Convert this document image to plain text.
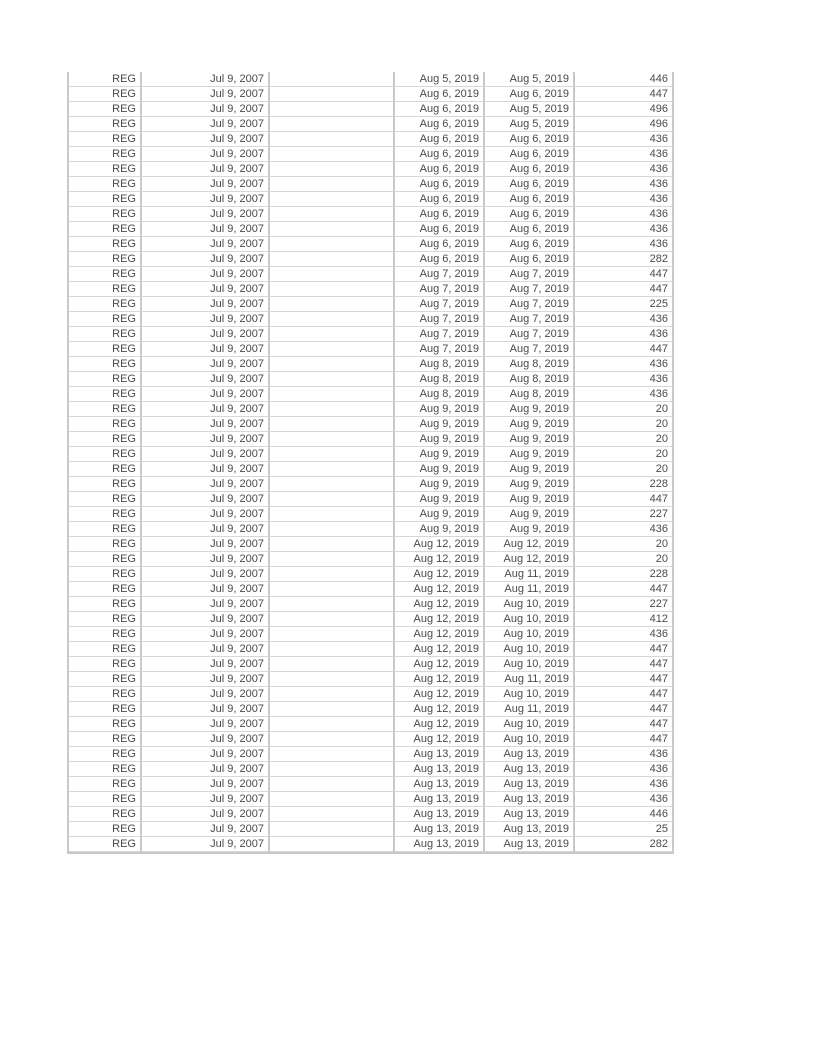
REG	Jul 9, 2007		Aug 5, 2019	Aug 5, 2019	446
REG	Jul 9, 2007		Aug 6, 2019	Aug 6, 2019	447
REG	Jul 9, 2007		Aug 6, 2019	Aug 5, 2019	496
REG	Jul 9, 2007		Aug 6, 2019	Aug 5, 2019	496
REG	Jul 9, 2007		Aug 6, 2019	Aug 6, 2019	436
REG	Jul 9, 2007		Aug 6, 2019	Aug 6, 2019	436
REG	Jul 9, 2007		Aug 6, 2019	Aug 6, 2019	436
REG	Jul 9, 2007		Aug 6, 2019	Aug 6, 2019	436
REG	Jul 9, 2007		Aug 6, 2019	Aug 6, 2019	436
REG	Jul 9, 2007		Aug 6, 2019	Aug 6, 2019	436
REG	Jul 9, 2007		Aug 6, 2019	Aug 6, 2019	436
REG	Jul 9, 2007		Aug 6, 2019	Aug 6, 2019	436
REG	Jul 9, 2007		Aug 6, 2019	Aug 6, 2019	282
REG	Jul 9, 2007		Aug 7, 2019	Aug 7, 2019	447
REG	Jul 9, 2007		Aug 7, 2019	Aug 7, 2019	447
REG	Jul 9, 2007		Aug 7, 2019	Aug 7, 2019	225
REG	Jul 9, 2007		Aug 7, 2019	Aug 7, 2019	436
REG	Jul 9, 2007		Aug 7, 2019	Aug 7, 2019	436
REG	Jul 9, 2007		Aug 7, 2019	Aug 7, 2019	447
REG	Jul 9, 2007		Aug 8, 2019	Aug 8, 2019	436
REG	Jul 9, 2007		Aug 8, 2019	Aug 8, 2019	436
REG	Jul 9, 2007		Aug 8, 2019	Aug 8, 2019	436
REG	Jul 9, 2007		Aug 9, 2019	Aug 9, 2019	20
REG	Jul 9, 2007		Aug 9, 2019	Aug 9, 2019	20
REG	Jul 9, 2007		Aug 9, 2019	Aug 9, 2019	20
REG	Jul 9, 2007		Aug 9, 2019	Aug 9, 2019	20
REG	Jul 9, 2007		Aug 9, 2019	Aug 9, 2019	20
REG	Jul 9, 2007		Aug 9, 2019	Aug 9, 2019	228
REG	Jul 9, 2007		Aug 9, 2019	Aug 9, 2019	447
REG	Jul 9, 2007		Aug 9, 2019	Aug 9, 2019	227
REG	Jul 9, 2007		Aug 9, 2019	Aug 9, 2019	436
REG	Jul 9, 2007		Aug 12, 2019	Aug 12, 2019	20
REG	Jul 9, 2007		Aug 12, 2019	Aug 12, 2019	20
REG	Jul 9, 2007		Aug 12, 2019	Aug 11, 2019	228
REG	Jul 9, 2007		Aug 12, 2019	Aug 11, 2019	447
REG	Jul 9, 2007		Aug 12, 2019	Aug 10, 2019	227
REG	Jul 9, 2007		Aug 12, 2019	Aug 10, 2019	412
REG	Jul 9, 2007		Aug 12, 2019	Aug 10, 2019	436
REG	Jul 9, 2007		Aug 12, 2019	Aug 10, 2019	447
REG	Jul 9, 2007		Aug 12, 2019	Aug 10, 2019	447
REG	Jul 9, 2007		Aug 12, 2019	Aug 11, 2019	447
REG	Jul 9, 2007		Aug 12, 2019	Aug 10, 2019	447
REG	Jul 9, 2007		Aug 12, 2019	Aug 11, 2019	447
REG	Jul 9, 2007		Aug 12, 2019	Aug 10, 2019	447
REG	Jul 9, 2007		Aug 12, 2019	Aug 10, 2019	447
REG	Jul 9, 2007		Aug 13, 2019	Aug 13, 2019	436
REG	Jul 9, 2007		Aug 13, 2019	Aug 13, 2019	436
REG	Jul 9, 2007		Aug 13, 2019	Aug 13, 2019	436
REG	Jul 9, 2007		Aug 13, 2019	Aug 13, 2019	436
REG	Jul 9, 2007		Aug 13, 2019	Aug 13, 2019	446
REG	Jul 9, 2007		Aug 13, 2019	Aug 13, 2019	25
REG	Jul 9, 2007		Aug 13, 2019	Aug 13, 2019	282
